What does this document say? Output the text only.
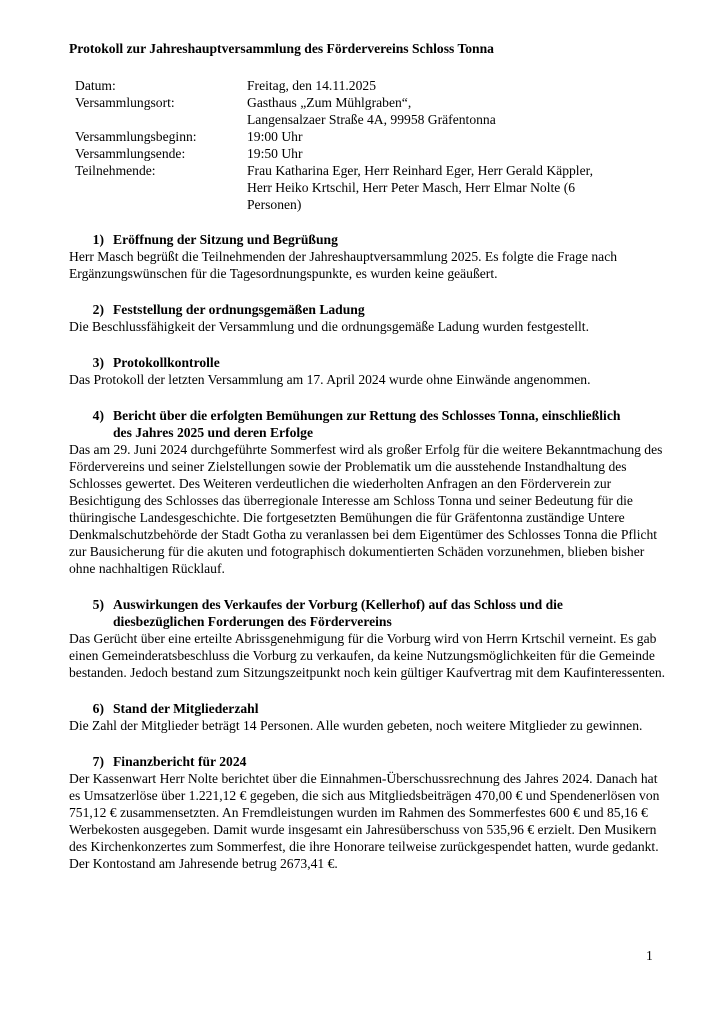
Protokoll zur Jahreshauptversammlung des Fördervereins Schloss Tonna
Datum:	Freitag, den 14.11.2025
Versammlungsort:	Gasthaus „Zum Mühlgraben“,
Langensalzaer Straße 4A, 99958 Gräfentonna

Versammlungsbeginn:	19:00 Uhr
Versammlungsende:	19:50 Uhr
Teilnehmende:	Frau Katharina Eger, Herr Reinhard Eger, Herr Gerald Käppler, Herr Heiko Krtschil, Herr Peter Masch, Herr Elmar Nolte (6 Personen)
1) Eröffnung der Sitzung und Begrüßung

Herr Masch begrüßt die Teilnehmenden der Jahreshauptversammlung 2025. Es folgte die Frage nach Ergänzungswünschen für die Tagesordnungspunkte, es wurden keine geäußert.

2) Feststellung der ordnungsgemäßen Ladung

Die Beschlussfähigkeit der Versammlung und die ordnungsgemäße Ladung wurden festgestellt.

3) Protokollkontrolle

Das Protokoll der letzten Versammlung am 17. April 2024 wurde ohne Einwände angenommen.

4) Bericht über die erfolgten Bemühungen zur Rettung des Schlosses Tonna, einschließlich des Jahres 2025 und deren Erfolge

Das am 29. Juni 2024 durchgeführte Sommerfest wird als großer Erfolg für die weitere Bekanntmachung des Fördervereins und seiner Zielstellungen sowie der Problematik um die ausstehende Instandhaltung des Schlosses gewertet. Des Weiteren verdeutlichen die wiederholten Anfragen an den Förderverein zur Besichtigung des Schlosses das überregionale Interesse am Schloss Tonna und seiner Bedeutung für die thüringische Landesgeschichte. Die fortgesetzten Bemühungen die für Gräfentonna zuständige Untere Denkmalschutzbehörde der Stadt Gotha zu veranlassen bei dem Eigentümer des Schlosses Tonna die Pflicht zur Bausicherung für die akuten und fotographisch dokumentierten Schäden vorzunehmen, blieben bisher ohne nachhaltigen Rücklauf.

5) Auswirkungen des Verkaufes der Vorburg (Kellerhof) auf das Schloss und die diesbezüglichen Forderungen des Fördervereins

Das Gerücht über eine erteilte Abrissgenehmigung für die Vorburg wird von Herrn Krtschil verneint. Es gab einen Gemeinderatsbeschluss die Vorburg zu verkaufen, da keine Nutzungsmöglichkeiten für die Gemeinde bestanden. Jedoch bestand zum Sitzungszeitpunkt noch kein gültiger Kaufvertrag mit dem Kaufinteressenten.

6) Stand der Mitgliederzahl

Die Zahl der Mitglieder beträgt 14 Personen. Alle wurden gebeten, noch weitere Mitglieder zu gewinnen.

7) Finanzbericht für 2024

Der Kassenwart Herr Nolte berichtet über die Einnahmen-Überschussrechnung des Jahres 2024. Danach hat es Umsatzerlöse über 1.221,12 € gegeben, die sich aus Mitgliedsbeiträgen 470,00 € und Spendenerlösen von 751,12 € zusammensetzten. An Fremdleistungen wurden im Rahmen des Sommerfestes 600 € und 85,16 € Werbekosten ausgegeben. Damit wurde insgesamt ein Jahresüberschuss von 535,96 € erzielt. Den Musikern des Kirchenkonzertes zum Sommerfest, die ihre Honorare teilweise zurückgespendet hatten, wurde gedankt. Der Kontostand am Jahresende betrug 2673,41 €.

1
